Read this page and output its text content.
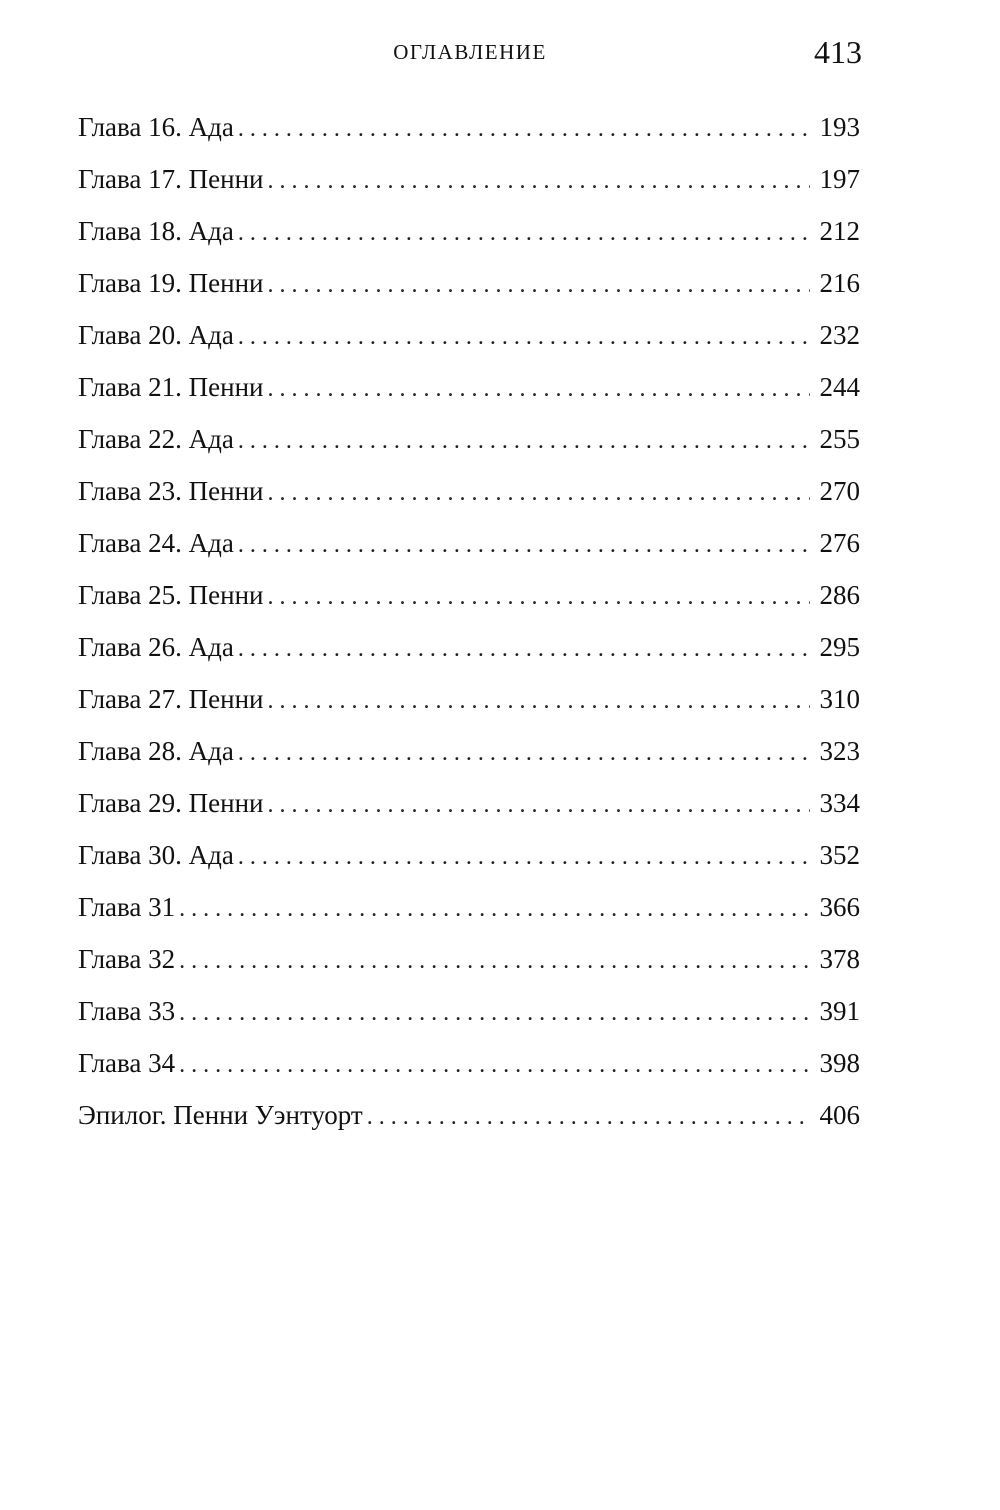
ОГЛАВЛЕНИЕ	413
Глава 16. Ада . . .	193
Глава 17. Пенни . . .	197
Глава 18. Ада . . .	212
Глава 19. Пенни . . .	216
Глава 20. Ада . . .	232
Глава 21. Пенни . . .	244
Глава 22. Ада . . .	255
Глава 23. Пенни . . .	270
Глава 24. Ада . . .	276
Глава 25. Пенни . . .	286
Глава 26. Ада . . .	295
Глава 27. Пенни . . .	310
Глава 28. Ада . . .	323
Глава 29. Пенни . . .	334
Глава 30. Ада . . .	352
Глава 31 . . .	366
Глава 32 . . .	378
Глава 33 . . .	391
Глава 34 . . .	398
Эпилог. Пенни Уэнтуорт . . .	406
